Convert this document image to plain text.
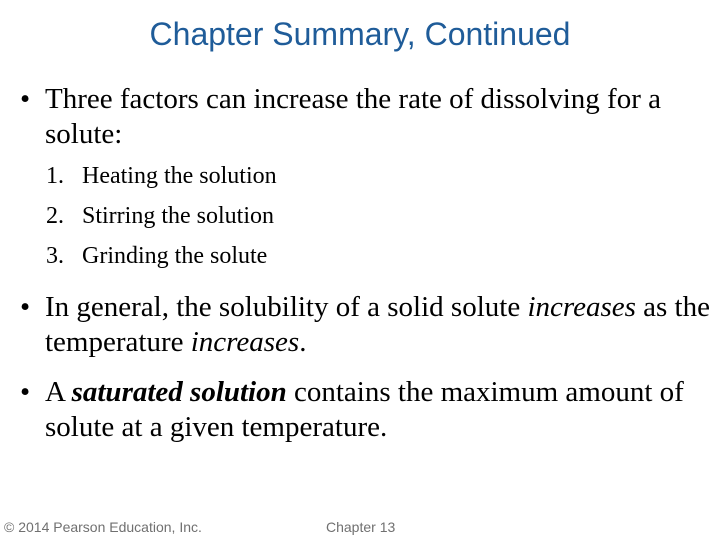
Chapter Summary, Continued
• Three factors can increase the rate of dissolving for a solute:
1. Heating the solution
2. Stirring the solution
3. Grinding the solute
• In general, the solubility of a solid solute increases as the temperature increases.
• A saturated solution contains the maximum amount of solute at a given temperature.
© 2014 Pearson Education, Inc.	Chapter 13
